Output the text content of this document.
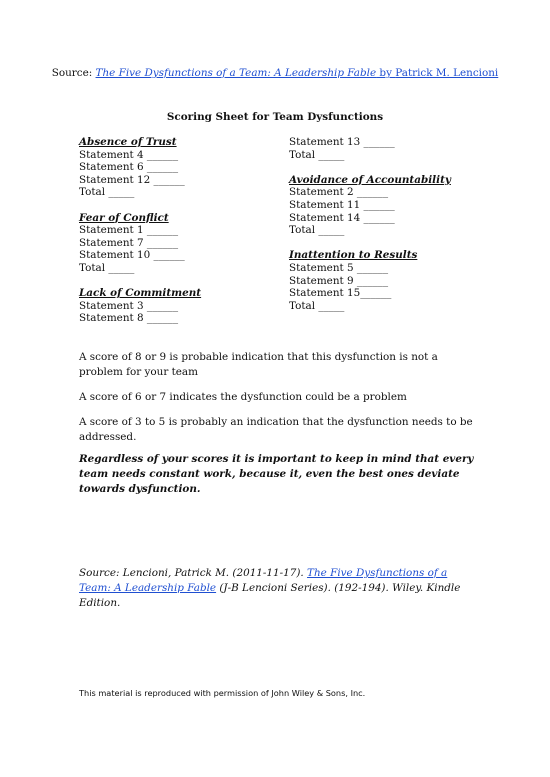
Source: The Five Dysfunctions of a Team: A Leadership Fable by Patrick M. Lencioni
Scoring Sheet for Team Dysfunctions
Absence of Trust
Statement 4 ______
Statement 6 ______
Statement 12 ______
Total _____
Fear of Conflict
Statement 1 ______
Statement 7 ______
Statement 10 ______
Total _____
Lack of Commitment
Statement 3 ______
Statement 8 ______
Statement 13 ______
Total _____
Avoidance of Accountability
Statement 2 ______
Statement 11 ______
Statement 14 ______
Total _____
Inattention to Results
Statement 5 ______
Statement 9 ______
Statement 15______
Total _____
A score of 8 or 9 is probable indication that this dysfunction is not a problem for your team
A score of 6 or 7 indicates the dysfunction could be a problem
A score of 3 to 5 is probably an indication that the dysfunction needs to be addressed.
Regardless of your scores it is important to keep in mind that every team needs constant work, because it, even the best ones deviate towards dysfunction.
Source: Lencioni, Patrick M. (2011-11-17). The Five Dysfunctions of a Team: A Leadership Fable (J-B Lencioni Series). (192-194). Wiley. Kindle Edition.
This material is reproduced with permission of John Wiley & Sons, Inc.
